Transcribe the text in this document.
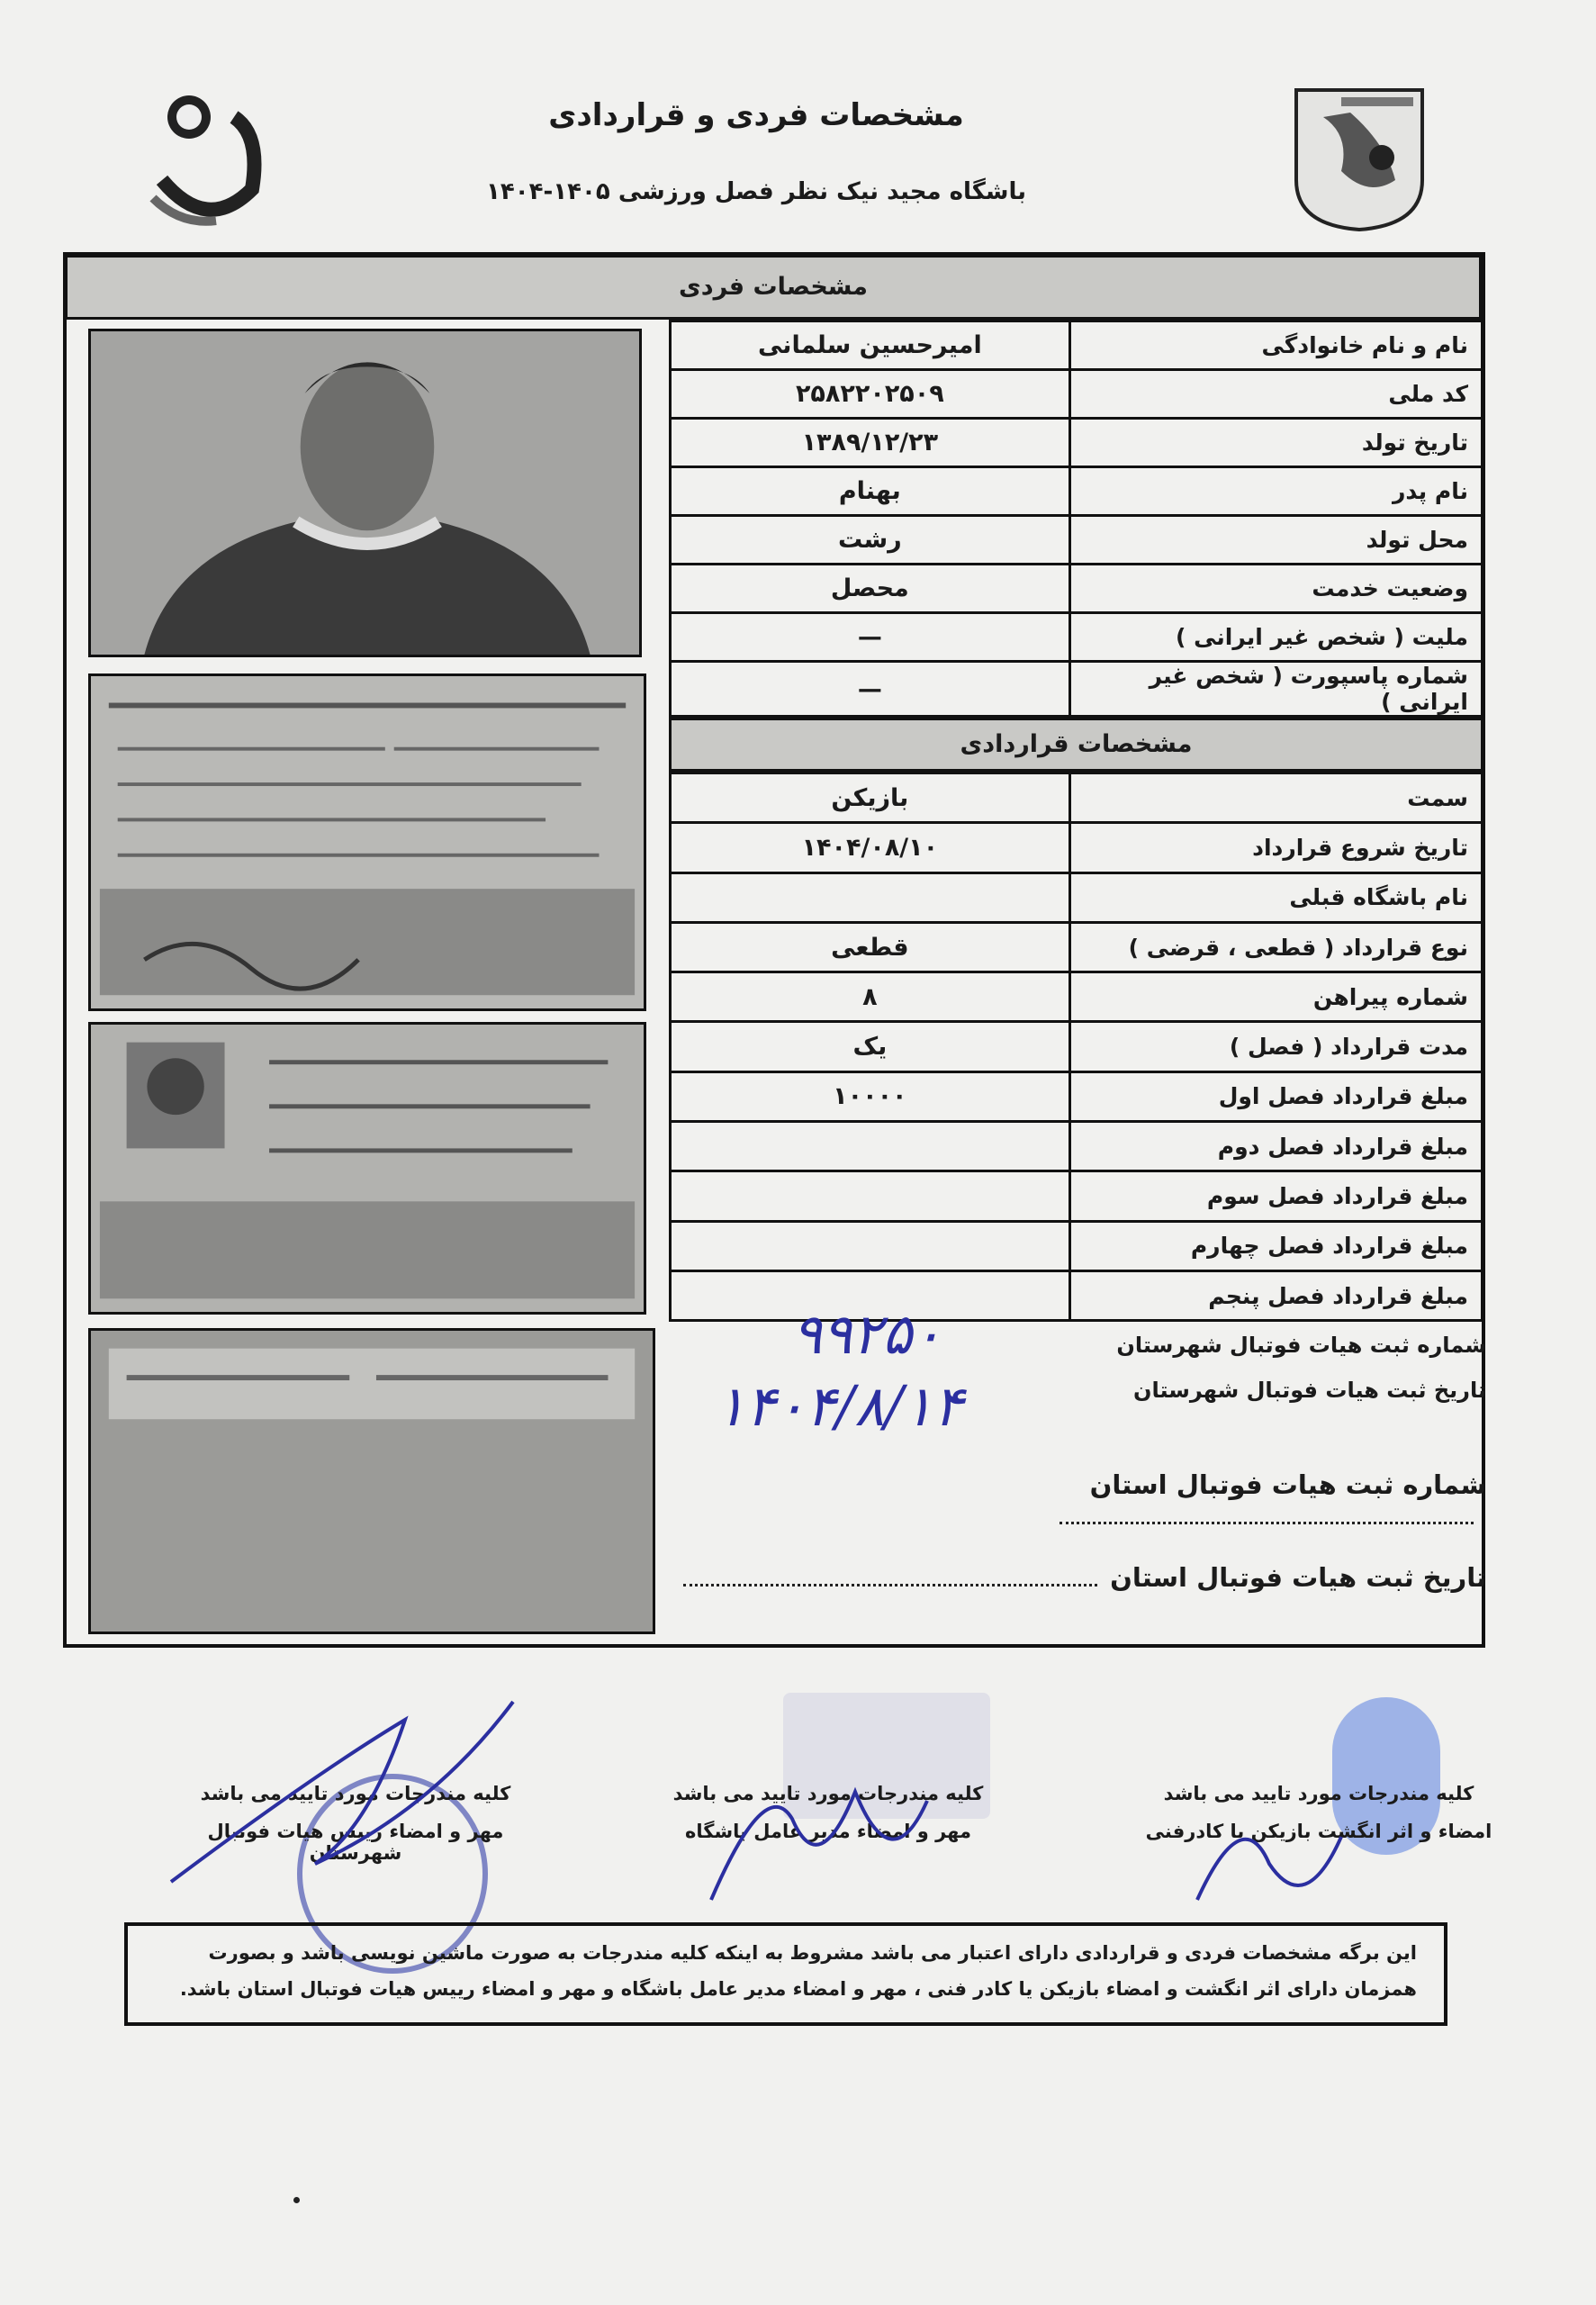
مشخصات فردی و قراردادی
باشگاه مجید نیک نظر فصل ورزشی ۱۴۰۵-۱۴۰۴
مشخصات فردی
نام و نام خانوادگی	امیرحسین سلمانی
کد ملی	۲۵۸۲۲۰۲۵۰۹
تاریخ تولد	۱۳۸۹/۱۲/۲۳
نام پدر	بهنام
محل تولد	رشت
وضعیت خدمت	محصل
ملیت ( شخص غیر ایرانی )	—
شماره پاسپورت ( شخص غیر ایرانی )	—
مشخصات قراردادی
سمت	بازیکن
تاریخ شروع قرارداد	۱۴۰۴/۰۸/۱۰
نام باشگاه قبلی	
نوع قرارداد ( قطعی ، قرضی )	قطعی
شماره پیراهن	۸
مدت قرارداد ( فصل )	یک
مبلغ قرارداد فصل اول	۱۰۰۰۰
مبلغ قرارداد فصل دوم	
مبلغ قرارداد فصل سوم	
مبلغ قرارداد فصل چهارم	
مبلغ قرارداد فصل پنجم	
شماره ثبت هیات فوتبال شهرستان
تاریخ ثبت هیات فوتبال شهرستان
۹۹۲۵۰
۱۴۰۴/۸/۱۴
شماره ثبت هیات فوتبال استان
تاریخ ثبت هیات فوتبال استان
کلیه مندرجات مورد تایید می باشد
امضاء و اثر انگشت بازیکن یا کادرفنی
کلیه مندرجات مورد تایید می باشد
مهر و امضاء مدیر عامل باشگاه
کلیه مندرجات مورد تایید می باشد
مهر و امضاء رییس هیات فوتبال شهرستان
این برگه مشخصات فردی و قراردادی دارای اعتبار می باشد مشروط به اینکه کلیه مندرجات به صورت ماشین نویسی باشد و بصورت همزمان دارای اثر انگشت و امضاء بازیکن یا کادر فنی ، مهر و امضاء مدیر عامل باشگاه و مهر و امضاء رییس هیات فوتبال استان باشد.
